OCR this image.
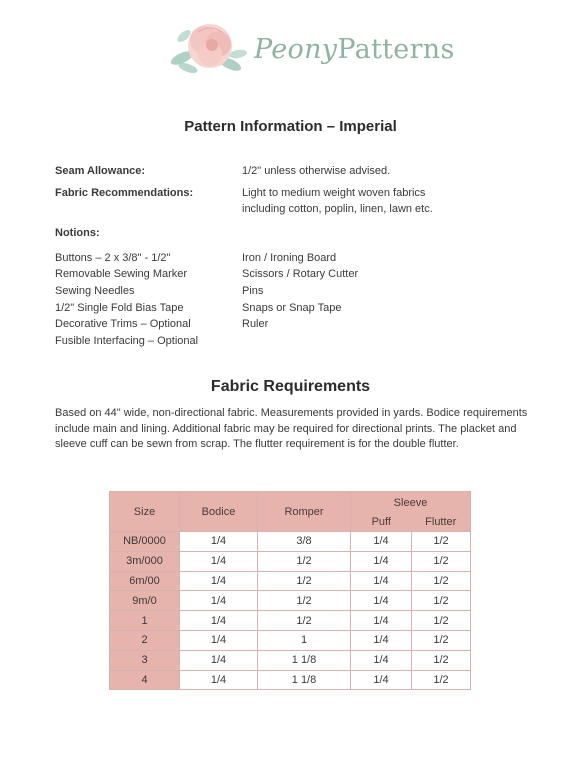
PeonyPatterns
Pattern Information – Imperial
Seam Allowance:	1/2" unless otherwise advised.
Fabric Recommendations:	Light to medium weight woven fabrics
including cotton, poplin, linen, lawn etc.
Notions:
Buttons – 2 x 3/8" - 1/2"
Removable Sewing Marker
Sewing Needles
1/2" Single Fold Bias Tape
Decorative Trims – Optional
Fusible Interfacing – Optional
Iron / Ironing Board
Scissors / Rotary Cutter
Pins
Snaps or Snap Tape
Ruler
Fabric Requirements
Based on 44" wide, non-directional fabric. Measurements provided in yards. Bodice requirements include main and lining. Additional fabric may be required for directional prints. The placket and sleeve cuff can be sewn from scrap. The flutter requirement is for the double flutter.
Size	Bodice	Romper	Sleeve	
			Puff	Flutter
NB/0000	1/4	3/8	1/4	1/2
3m/000	1/4	1/2	1/4	1/2
6m/00	1/4	1/2	1/4	1/2
9m/0	1/4	1/2	1/4	1/2
1	1/4	1/2	1/4	1/2
2	1/4	1	1/4	1/2
3	1/4	1 1/8	1/4	1/2
4	1/4	1 1/8	1/4	1/2
